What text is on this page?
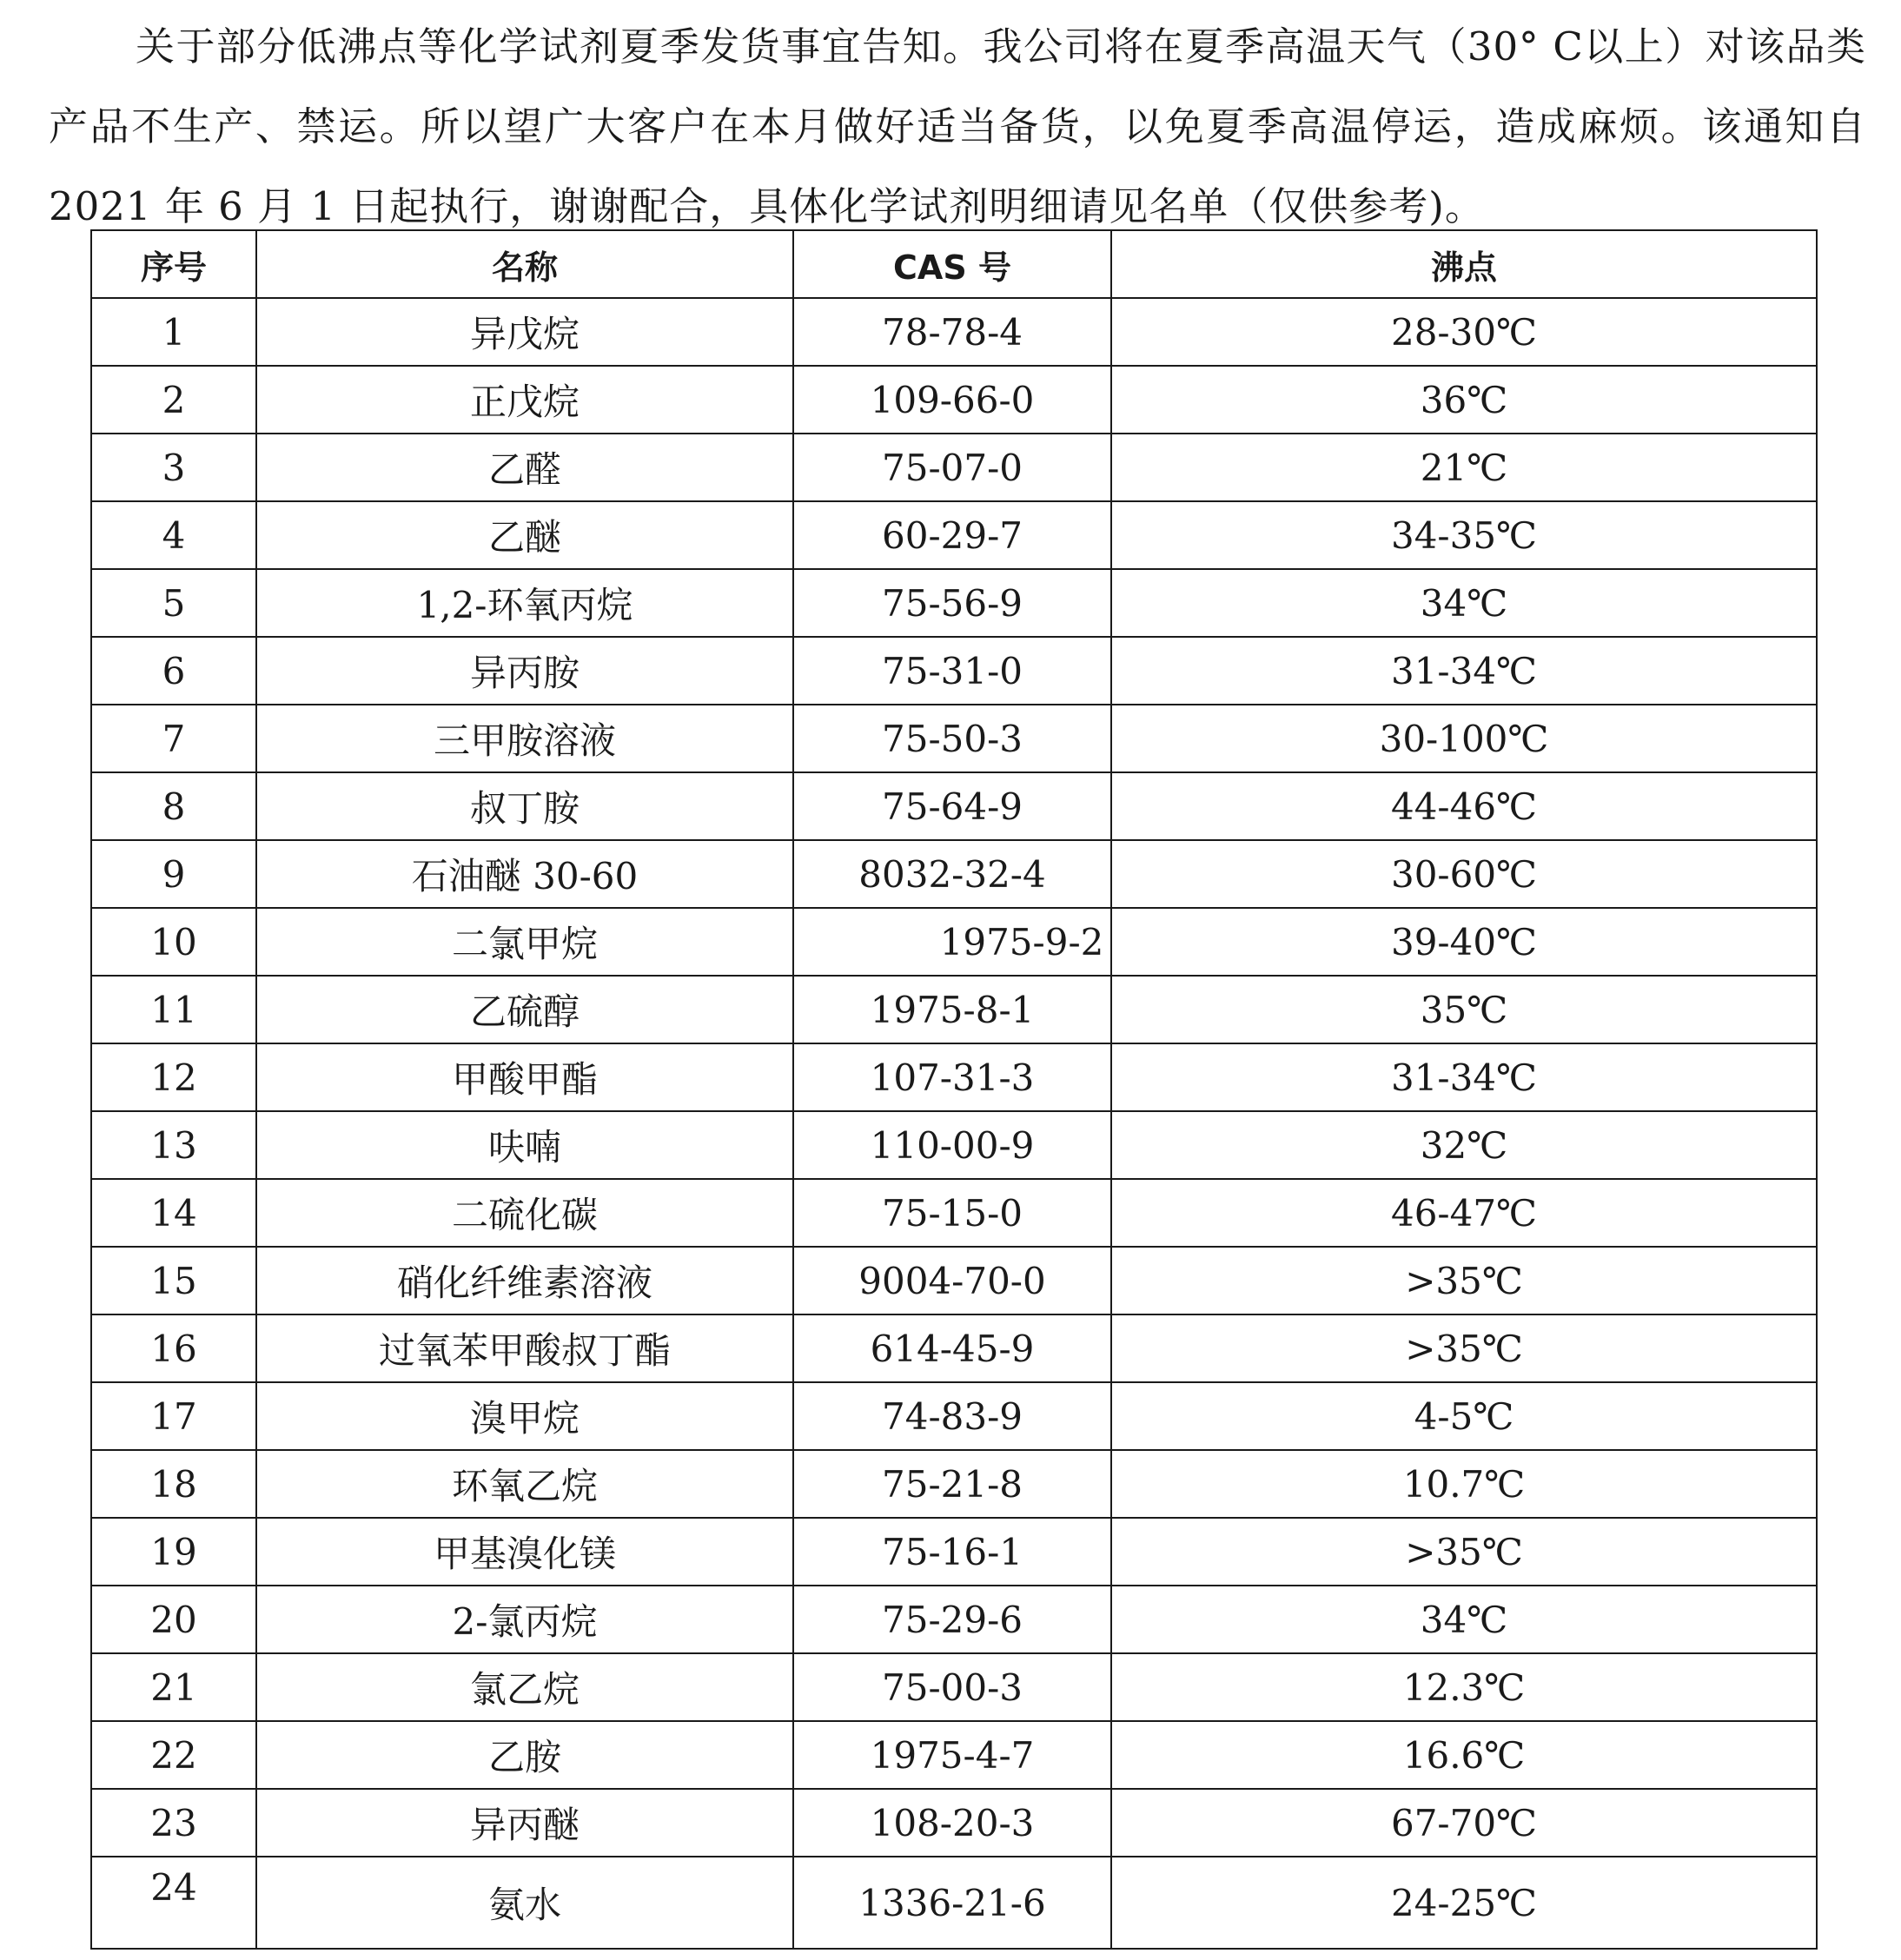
关于部分低沸点等化学试剂夏季发货事宜告知。我公司将在夏季高温天气（30° C以上）对该品类产品不生产、禁运。所以望广大客户在本月做好适当备货，以免夏季高温停运，造成麻烦。该通知自 2021 年 6 月 1 日起执行，谢谢配合，具体化学试剂明细请见名单（仅供参考)。

序号	名称	CAS 号	沸点
1	异戊烷	78-78-4	28-30℃
2	正戊烷	109-66-0	36℃
3	乙醛	75-07-0	21℃
4	乙醚	60-29-7	34-35℃
5	1,2-环氧丙烷	75-56-9	34℃
6	异丙胺	75-31-0	31-34℃
7	三甲胺溶液	75-50-3	30-100℃
8	叔丁胺	75-64-9	44-46℃
9	石油醚 30-60	8032-32-4	30-60℃
10	二氯甲烷	1975-9-2	39-40℃
11	乙硫醇	1975-8-1	35℃
12	甲酸甲酯	107-31-3	31-34℃
13	呋喃	110-00-9	32℃
14	二硫化碳	75-15-0	46-47℃
15	硝化纤维素溶液	9004-70-0	>35℃
16	过氧苯甲酸叔丁酯	614-45-9	>35℃
17	溴甲烷	74-83-9	4-5℃
18	环氧乙烷	75-21-8	10.7℃
19	甲基溴化镁	75-16-1	>35℃
20	2-氯丙烷	75-29-6	34℃
21	氯乙烷	75-00-3	12.3℃
22	乙胺	1975-4-7	16.6℃
23	异丙醚	108-20-3	67-70℃
24	氨水	1336-21-6	24-25℃
